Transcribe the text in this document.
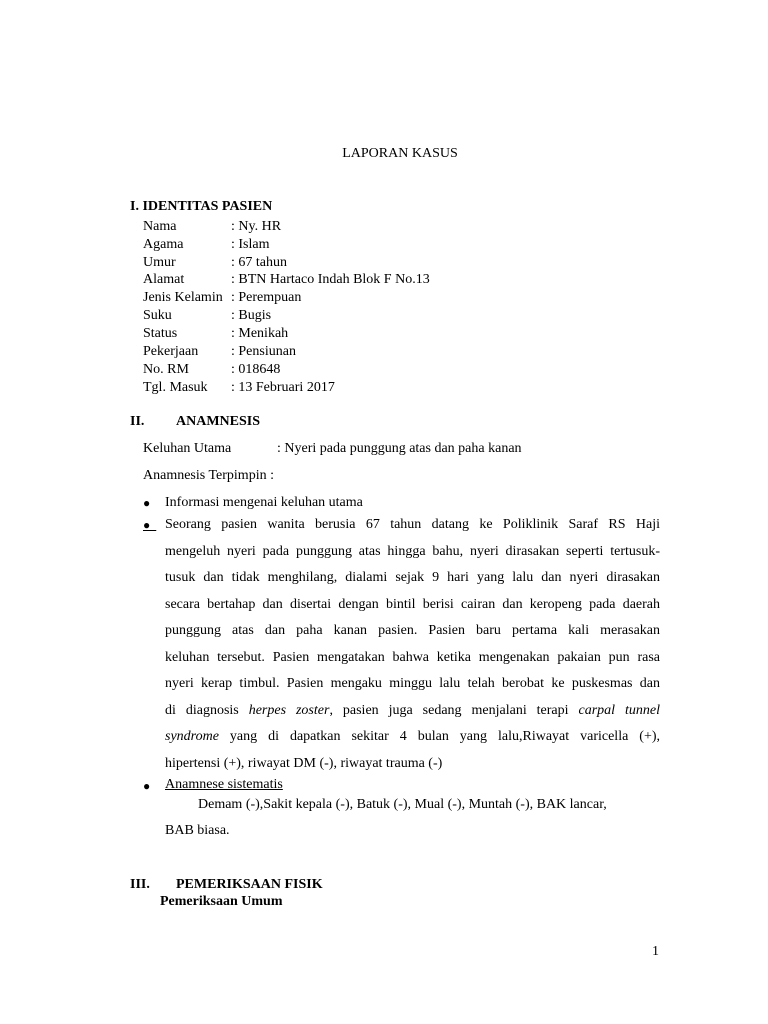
LAPORAN KASUS
I. IDENTITAS PASIEN
Nama	: Ny. HR
Agama	: Islam
Umur	: 67 tahun
Alamat	: BTN Hartaco Indah Blok F No.13
Jenis Kelamin : Perempuan
Suku	: Bugis
Status	: Menikah
Pekerjaan : Pensiunan
No. RM	: 018648
Tgl. Masuk : 13 Februari 2017
II. ANAMNESIS
Keluhan Utama	: Nyeri pada punggung atas dan paha kanan
Anamnesis Terpimpin :
● Informasi mengenai keluhan utama
● Seorang pasien wanita berusia 67 tahun datang ke Poliklinik Saraf RS Haji
mengeluh nyeri pada punggung atas hingga bahu, nyeri dirasakan seperti tertusuk-
tusuk dan tidak menghilang, dialami sejak 9 hari yang lalu dan nyeri dirasakan
secara bertahap dan disertai dengan bintil berisi cairan dan keropeng pada daerah
punggung atas dan paha kanan pasien. Pasien baru pertama kali merasakan
keluhan tersebut. Pasien mengatakan bahwa ketika mengenakan pakaian pun rasa
nyeri kerap timbul. Pasien mengaku minggu lalu telah berobat ke puskesmas dan
di diagnosis herpes zoster, pasien juga sedang menjalani terapi carpal tunnel
syndrome yang di dapatkan sekitar 4 bulan yang lalu,Riwayat varicella (+),
hipertensi (+), riwayat DM (-), riwayat trauma (-)
● Anamnese sistematis
Demam (-),Sakit kepala (-), Batuk (-), Mual (-), Muntah (-), BAK lancar,
BAB biasa.
III. PEMERIKSAAN FISIK
Pemeriksaan Umum
1
